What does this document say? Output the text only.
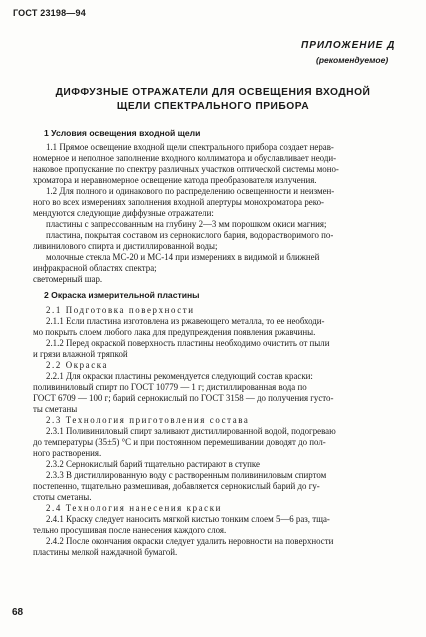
ГОСТ 23198—94
ПРИЛОЖЕНИЕ Д
(рекомендуемое)
ДИФФУЗНЫЕ ОТРАЖАТЕЛИ ДЛЯ ОСВЕЩЕНИЯ ВХОДНОЙ
ЩЕЛИ СПЕКТРАЛЬНОГО ПРИБОРА
1 Условия освещения входной щели
1.1 Прямое освещение входной щели спектрального прибора создает нерав-
номерное и неполное заполнение входного коллиматора и обуславливает неоди-
наковое пропускание по спектру различных участков оптической системы моно-
хроматора и неравномерное освещение катода преобразователя излучения.
1.2 Для полного и одинакового по распределению освещенности и неизмен-
ного во всех измерениях заполнения входной апертуры монохроматора реко-
мендуются следующие диффузные отражатели:
пластины с запрессованным на глубину 2—3 мм порошком окиси магния;
пластина, покрытая составом из сернокислого бария, водорастворимого по-
ливинилового спирта и дистиллированной воды;
молочные стекла МС-20 и МС-14 при измерениях в видимой и ближней
инфракрасной областях спектра;
светомерный шар.
2 Окраска измерительной пластины
2.1 Подготовка поверхности
2.1.1 Если пластина изготовлена из ржавеющего металла, то ее необходи-
мо покрыть слоем любого лака для предупреждения появления ржавчины.
2.1.2 Перед окраской поверхность пластины необходимо очистить от пыли
и грязи влажной тряпкой
2.2 Окраска
2.2.1 Для окраски пластины рекомендуется следующий состав краски:
поливиниловый спирт по ГОСТ 10779 — 1 г; дистиллированная вода по
ГОСТ 6709 — 100 г; барий сернокислый по ГОСТ 3158 — до получения густо-
ты сметаны
2.3 Технология приготовления состава
2.3.1 Поливиниловый спирт заливают дистиллированной водой, подогреваю
до температуры (35±5) °C и при постоянном перемешивании доводят до пол-
ного растворения.
2.3.2 Сернокислый барий тщательно растирают в ступке
2.3.3 В дистиллированную воду с растворенным поливиниловым спиртом
постепенно, тщательно размешивая, добавляется сернокислый барий до гу-
стоты сметаны.
2.4 Технология нанесения краски
2.4.1 Краску следует наносить мягкой кистью тонким слоем 5—6 раз, тща-
тельно просушивая после нанесения каждого слоя.
2.4.2 После окончания окраски следует удалить неровности на поверхности
пластины мелкой наждачной бумагой.
68
